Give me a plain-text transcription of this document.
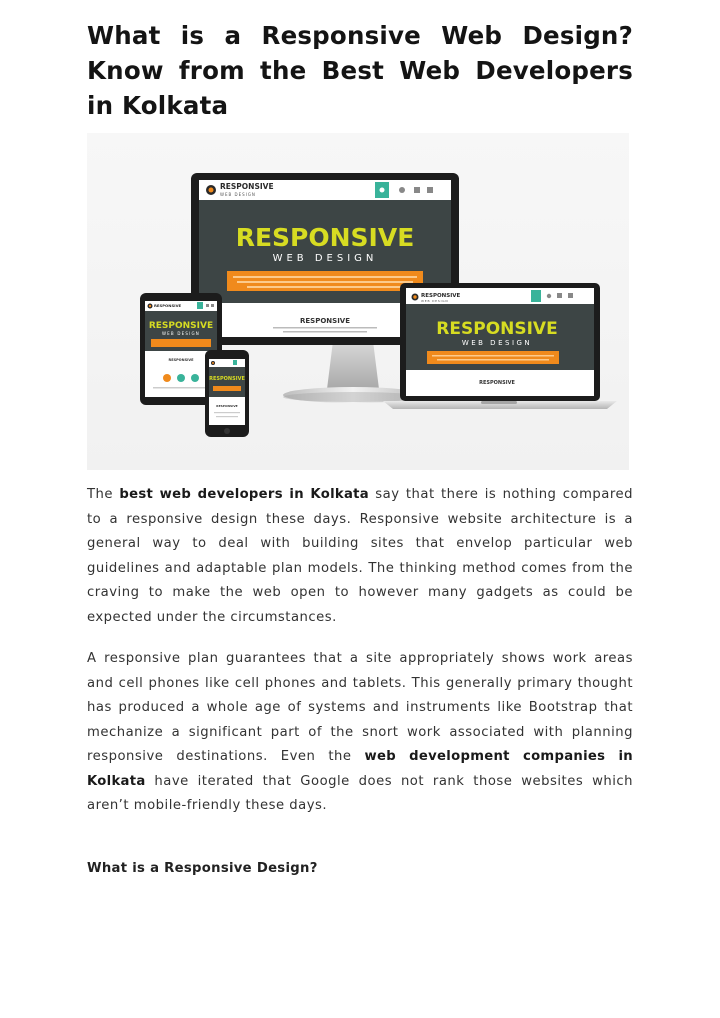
What is a Responsive Web Design? Know from the Best Web Developers in Kolkata
RESPONSIVE
WEB DESIGN
RESPONSIVE
WEB DESIGN
RESPONSIVE
RESPONSIVE
WEB DESIGN
RESPONSIVE
WEB DESIGN
RESPONSIVE
RESPONSIVE
RESPONSIVE
WEB DESIGN
RESPONSIVE
RESPONSIVE
RESPONSIVE

The best web developers in Kolkata say that there is nothing compared to a responsive design these days. Responsive website architecture is a general way to deal with building sites that envelop particular web guidelines and adaptable plan models. The thinking method comes from the craving to make the web open to however many gadgets as could be expected under the circumstances.

A responsive plan guarantees that a site appropriately shows work areas and cell phones like cell phones and tablets. This generally primary thought has produced a whole age of systems and instruments like Bootstrap that mechanize a significant part of the snort work associated with planning responsive destinations. Even the web development companies in Kolkata have iterated that Google does not rank those websites which aren’t mobile-friendly these days.

What is a Responsive Design?
